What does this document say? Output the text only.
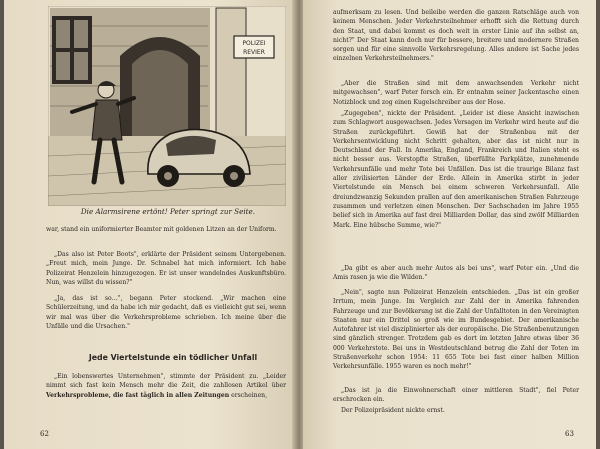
POLIZEI
REVIER

Die Alarmsirene ertönt! Peter springt zur Seite.

war, stand ein uniformierter Beamter mit goldenen Litzen an der Uniform.

„Das also ist Peter Boots", erklärte der Präsident seinem Untergebenen. „Freut mich, mein Junge. Dr. Schnabel hat mich informiert. Ich habe Polizeirat Henzelein hinzugezogen. Er ist unser wandelndes Auskunftsbüro. Nun, was willst du wissen?"

„Ja, das ist so…", begann Peter stockend. „Wir machen eine Schülerzeitung, und da habe ich mir gedacht, daß es vielleicht gut sei, wenn wir mal was über die Verkehrsprobleme schrieben. Ich meine über die Unfälle und die Ursachen."

Jede Viertelstunde ein tödlicher Unfall

„Ein lobenswertes Unternehmen", stimmte der Präsident zu. „Leider nimmt sich fast kein Mensch mehr die Zeit, die zahllosen Artikel über Verkehrsprobleme, die fast täglich in allen Zeitungen erscheinen,

62

aufmerksam zu lesen. Und beileibe werden die ganzen Ratschläge auch von keinem Menschen. Jeder Verkehrsteilnehmer erhofft sich die Rettung durch den Staat, und dabei kommt es doch weit in erster Linie auf ihn selbst an, nicht?" Der Staat kann doch nur für bessere, breitere und modernere Straßen sorgen und für eine sinnvolle Verkehrsregelung. Alles andere ist Sache jedes einzelnen Verkehrsteilnehmers."

„Aber die Straßen sind mit dem anwachsenden Verkehr nicht mitgewachsen", warf Peter forsch ein. Er entnahm seiner Jackentasche einen Notizblock und zog einen Kugelschreiber aus der Hose.

„Zugegeben", nickte der Präsident. „Leider ist diese Ansicht inzwischen zum Schlagwort ausgewachsen. Jedes Versagen im Verkehr wird heute auf die Straßen zurückgeführt. Gewiß hat der Straßenbau mit der Verkehrsentwicklung nicht Schritt gehalten, aber das ist nicht nur in Deutschland der Fall. In Amerika, England, Frankreich und Italien steht es nicht besser aus. Verstopfte Straßen, überfüllte Parkplätze, zunehmende Verkehrsunfälle und mehr Tote bei Unfällen. Das ist die traurige Bilanz fast aller zivilisierten Länder der Erde. Allein in Amerika stirbt in jeder Viertelstunde ein Mensch bei einem schweren Verkehrsunfall. Alle dreiundzwanzig Sekunden prallen auf den amerikanischen Straßen Fahrzeuge zusammen und verletzen einen Menschen. Der Sachschaden im Jahre 1955 belief sich in Amerika auf fast drei Milliarden Dollar, das sind zwölf Milliarden Mark. Eine hübsche Summe, wie?"

„Da gibt es aber auch mehr Autos als bei uns", warf Peter ein. „Und die Amis rasen ja wie die Wilden."

„Nein", sagte nun Polizeirat Henzelein entschieden. „Das ist ein großer Irrtum, mein Junge. Im Vergleich zur Zahl der in Amerika fahrenden Fahrzeuge und zur Bevölkerung ist die Zahl der Unfalltoten in den Vereinigten Staaten nur ein Drittel so groß wie im Bundesgebiet. Der amerikanische Autofahrer ist viel disziplinierter als der europäische. Die Straßenbenutzungen sind gänzlich strenger. Trotzdem gab es dort im letzten Jahre etwas über 36 000 Verkehrstote. Bei uns in Westdeutschland betrug die Zahl der Toten im Straßenverkehr schon 1954: 11 655 Tote bei fast einer halben Million Verkehrsunfälle. 1955 waren es noch mehr!"

„Das ist ja die Einwohnerschaft einer mittleren Stadt", fiel Peter erschrocken ein.

Der Polizeipräsident nickte ernst.

63
